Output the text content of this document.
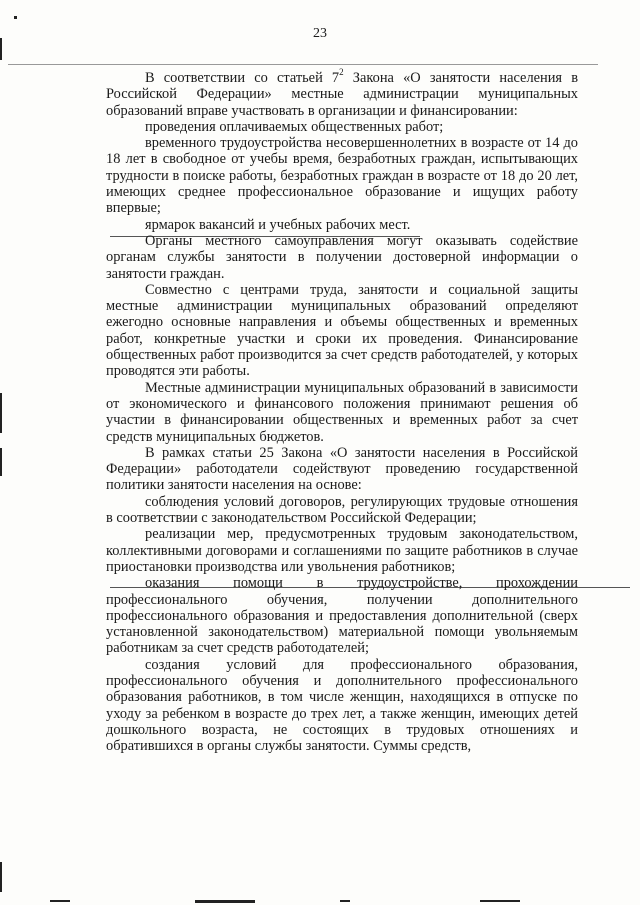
23

В соответствии со статьей $7^2$ Закона «О занятости населения в Российской Федерации» местные администрации муниципальных образований вправе участвовать в организации и финансировании:

проведения оплачиваемых общественных работ;

временного трудоустройства несовершеннолетних в возрасте от 14 до 18 лет в свободное от учебы время, безработных граждан, испытывающих трудности в поиске работы, безработных граждан в возрасте от 18 до 20 лет, имеющих среднее профессиональное образование и ищущих работу впервые;

ярмарок вакансий и учебных рабочих мест.

Органы местного самоуправления могут оказывать содействие органам службы занятости в получении достоверной информации о занятости граждан.

Совместно с центрами труда, занятости и социальной защиты местные администрации муниципальных образований определяют ежегодно основные направления и объемы общественных и временных работ, конкретные участки и сроки их проведения. Финансирование общественных работ производится за счет средств работодателей, у которых проводятся эти работы.

Местные администрации муниципальных образований в зависимости от экономического и финансового положения принимают решения об участии в финансировании общественных и временных работ за счет средств муниципальных бюджетов.

В рамках статьи 25 Закона «О занятости населения в Российской Федерации» работодатели содействуют проведению государственной политики занятости населения на основе:

соблюдения условий договоров, регулирующих трудовые отношения в соответствии с законодательством Российской Федерации;

реализации мер, предусмотренных трудовым законодательством, коллективными договорами и соглашениями по защите работников в случае приостановки производства или увольнения работников;

оказания помощи в трудоустройстве, прохождении профессионального обучения, получении дополнительного профессионального образования и предоставления дополнительной (сверх установленной законодательством) материальной помощи увольняемым работникам за счет средств работодателей;

создания условий для профессионального образования, профессионального обучения и дополнительного профессионального образования работников, в том числе женщин, находящихся в отпуске по уходу за ребенком в возрасте до трех лет, а также женщин, имеющих детей дошкольного возраста, не состоящих в трудовых отношениях и обратившихся в органы службы занятости. Суммы средств,
